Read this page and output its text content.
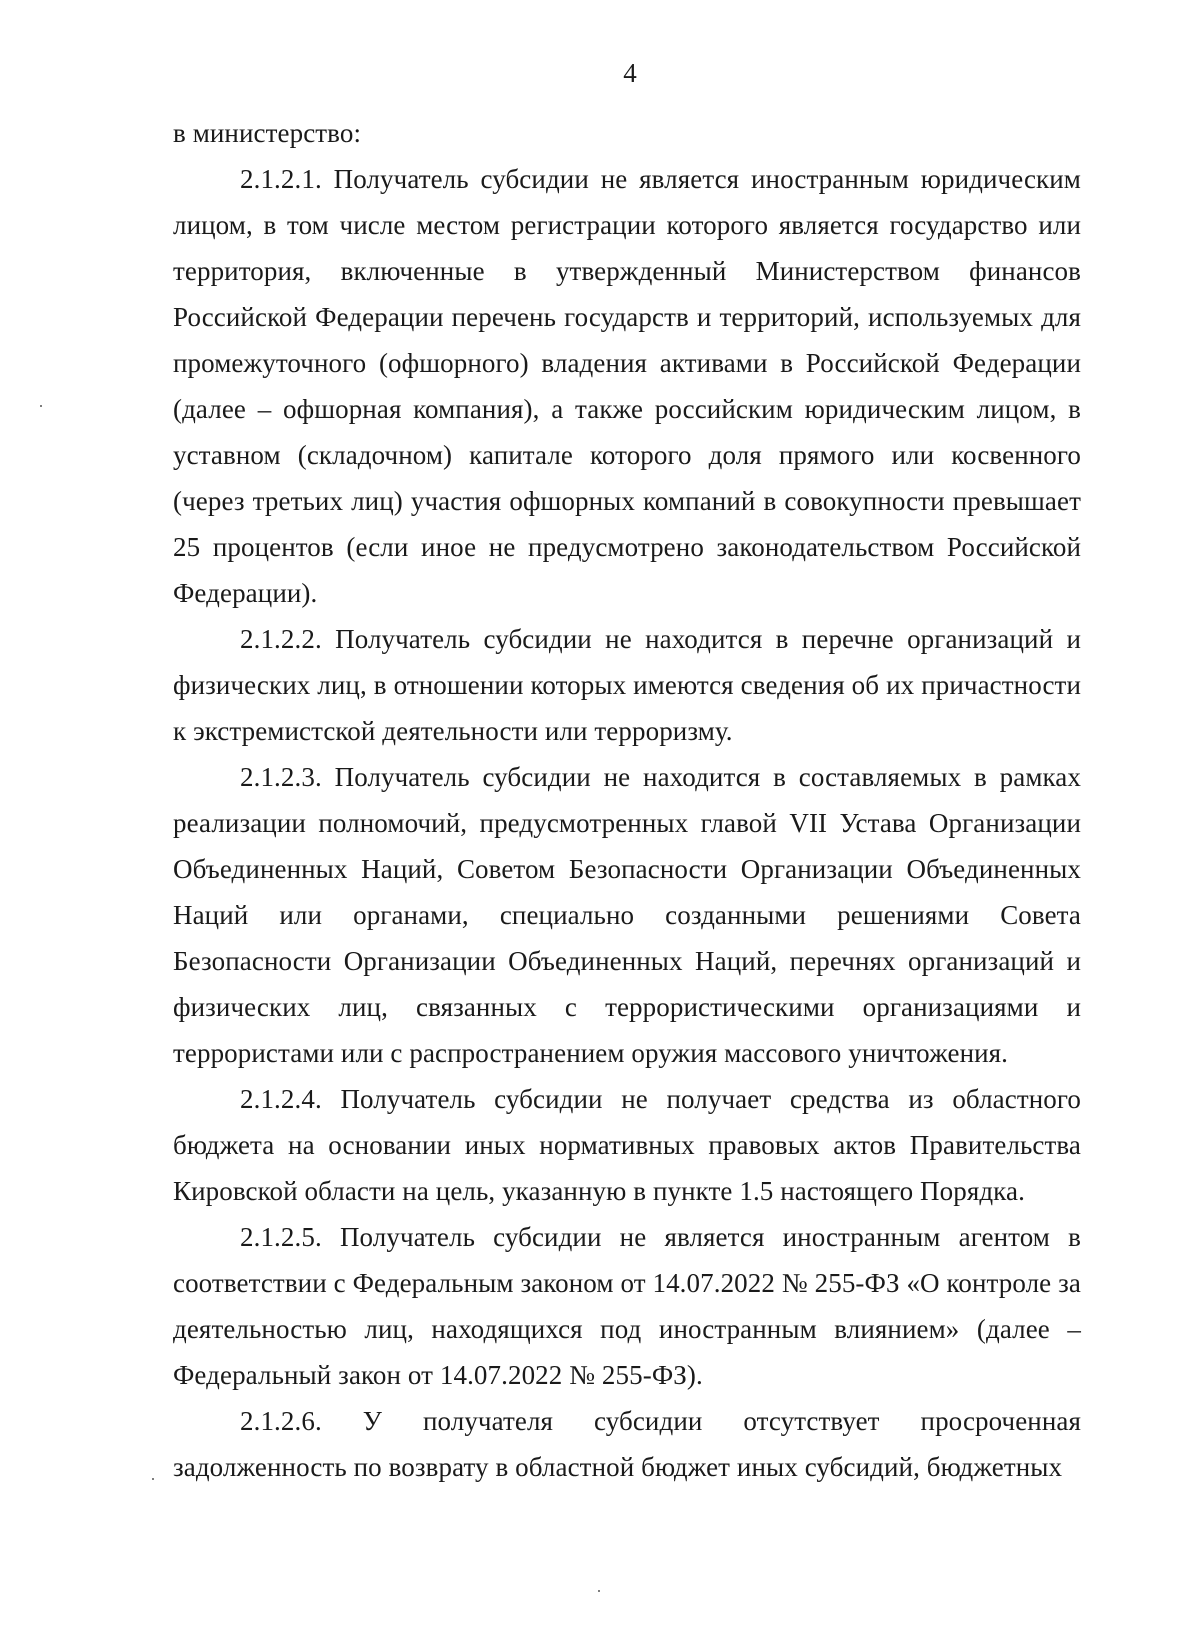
4

в министерство:

2.1.2.1. Получатель субсидии не является иностранным юридическим лицом, в том числе местом регистрации которого является государство или территория, включенные в утвержденный Министерством финансов Российской Федерации перечень государств и территорий, используемых для промежуточного (офшорного) владения активами в Российской Федерации (далее – офшорная компания), а также российским юридическим лицом, в уставном (складочном) капитале которого доля прямого или косвенного (через третьих лиц) участия офшорных компаний в совокупности превышает 25 процентов (если иное не предусмотрено законодательством Российской Федерации).

2.1.2.2. Получатель субсидии не находится в перечне организаций и физических лиц, в отношении которых имеются сведения об их причастности к экстремистской деятельности или терроризму.

2.1.2.3. Получатель субсидии не находится в составляемых в рамках реализации полномочий, предусмотренных главой VII Устава Организации Объединенных Наций, Советом Безопасности Организации Объединенных Наций или органами, специально созданными решениями Совета Безопасности Организации Объединенных Наций, перечнях организаций и физических лиц, связанных с террористическими организациями и террористами или с распространением оружия массового уничтожения.

2.1.2.4. Получатель субсидии не получает средства из областного бюджета на основании иных нормативных правовых актов Правительства Кировской области на цель, указанную в пункте 1.5 настоящего Порядка.

2.1.2.5. Получатель субсидии не является иностранным агентом в соответствии с Федеральным законом от 14.07.2022 № 255-ФЗ «О контроле за деятельностью лиц, находящихся под иностранным влиянием» (далее – Федеральный закон от 14.07.2022 № 255-ФЗ).

2.1.2.6. У получателя субсидии отсутствует просроченная задолженность по возврату в областной бюджет иных субсидий, бюджетных
